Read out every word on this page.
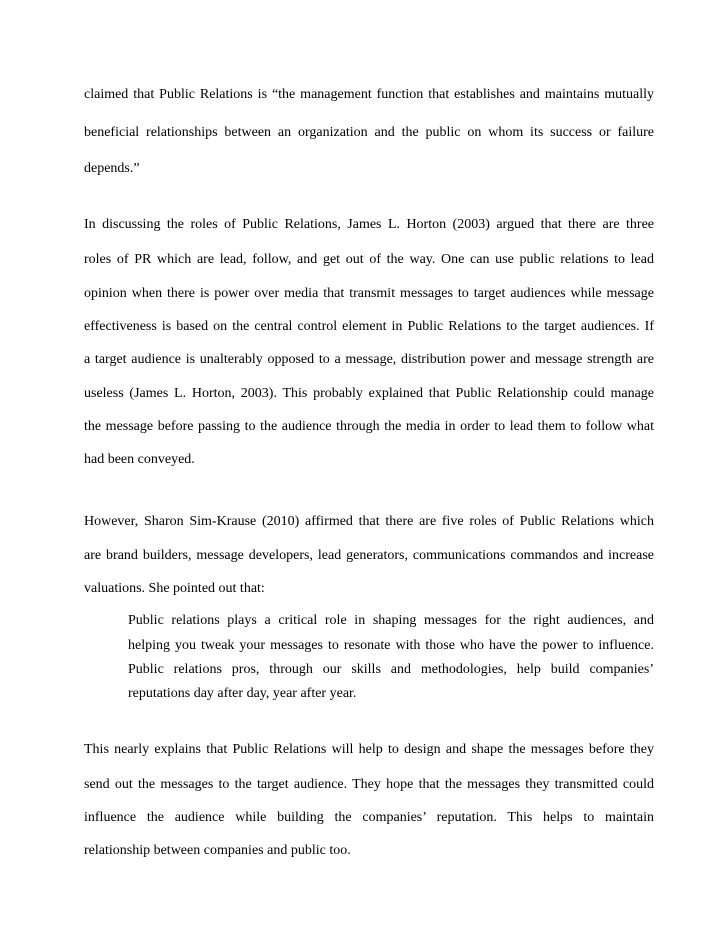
claimed that Public Relations is “the management function that establishes and maintains mutually
beneficial relationships between an organization and the public on whom its success or failure
depends.”
In discussing the roles of Public Relations, James L. Horton (2003) argued that there are three
roles of PR which are lead, follow, and get out of the way. One can use public relations to lead
opinion when there is power over media that transmit messages to target audiences while message
effectiveness is based on the central control element in Public Relations to the target audiences. If
a target audience is unalterably opposed to a message, distribution power and message strength are
useless (James L. Horton, 2003). This probably explained that Public Relationship could manage
the message before passing to the audience through the media in order to lead them to follow what
had been conveyed.
However, Sharon Sim-Krause (2010) affirmed that there are five roles of Public Relations which
are brand builders, message developers, lead generators, communications commandos and increase
valuations. She pointed out that:
Public relations plays a critical role in shaping messages for the right audiences, and
helping you tweak your messages to resonate with those who have the power to influence.
Public relations pros, through our skills and methodologies, help build companies’
reputations day after day, year after year.
This nearly explains that Public Relations will help to design and shape the messages before they
send out the messages to the target audience. They hope that the messages they transmitted could
influence the audience while building the companies’ reputation. This helps to maintain
relationship between companies and public too.
